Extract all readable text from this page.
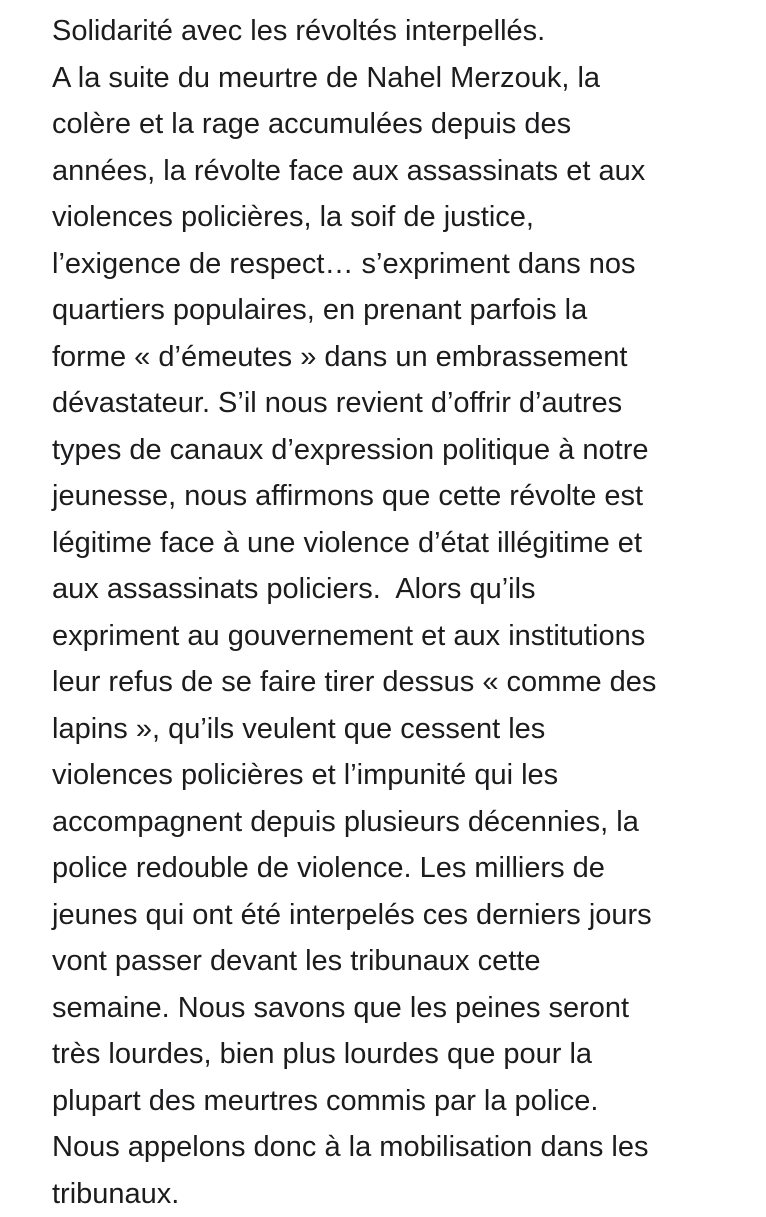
Solidarité avec les révoltés interpellés.
A la suite du meurtre de Nahel Merzouk, la
colère et la rage accumulées depuis des
années, la révolte face aux assassinats et aux
violences policières, la soif de justice,
l’exigence de respect… s’expriment dans nos
quartiers populaires, en prenant parfois la
forme « d’émeutes » dans un embrassement
dévastateur. S’il nous revient d’offrir d’autres
types de canaux d’expression politique à notre
jeunesse, nous affirmons que cette révolte est
légitime face à une violence d’état illégitime et
aux assassinats policiers.  Alors qu’ils
expriment au gouvernement et aux institutions
leur refus de se faire tirer dessus « comme des
lapins », qu’ils veulent que cessent les
violences policières et l’impunité qui les
accompagnent depuis plusieurs décennies, la
police redouble de violence. Les milliers de
jeunes qui ont été interpelés ces derniers jours
vont passer devant les tribunaux cette
semaine. Nous savons que les peines seront
très lourdes, bien plus lourdes que pour la
plupart des meurtres commis par la police.
Nous appelons donc à la mobilisation dans les
tribunaux.
